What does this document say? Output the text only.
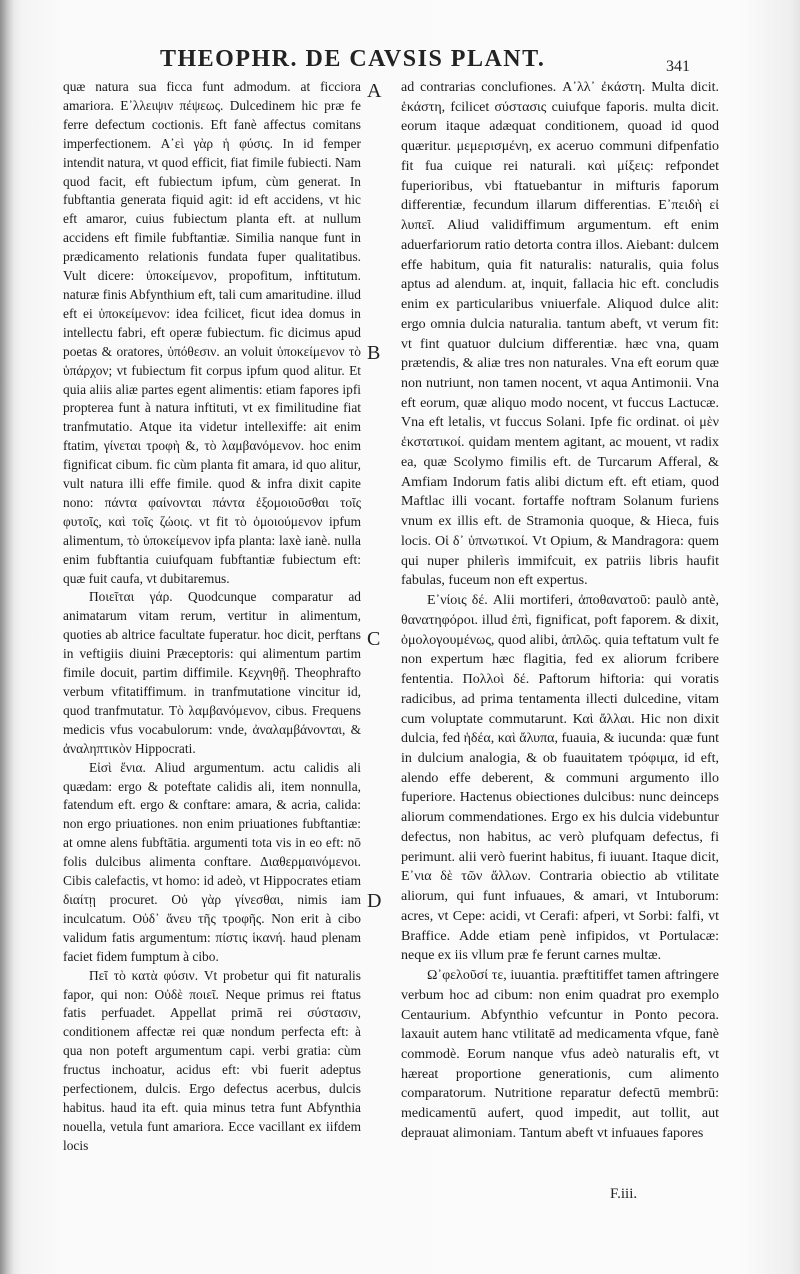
THEOPHR. DE CAVSIS PLANT.	341

quæ natura sua ficca funt admodum. at ficciora amariora. Ε᾿λλειψιν πέψεως. Dulcedinem hic præ fe ferre defectum coctionis. Eft fanè affectus comitans imperfectionem. Α᾿εὶ γὰρ ἡ φύσις. In id femper intendit natura, vt quod efficit, fiat fimile fubiecti. Nam quod facit, eft fubiectum ipfum, cùm generat. In fubftantia generata fiquid agit: id eft accidens, vt hic eft amaror, cuius fubiectum planta eft. at nullum accidens eft fimile fubftantiæ. Similia nanque funt in prædicamento relationis fundata fuper qualitatibus. Vult dicere: ὑποκείμενον, propofitum, inftitutum. naturæ finis Abfynthium eft, tali cum amaritudine. illud eft ei ὑποκείμενον: idea fcilicet, ficut idea domus in intellectu fabri, eft operæ fubiectum. fic dicimus apud poetas & oratores, ὑπόθεσιν. an voluit ὑποκείμενον τὸ ὑπάρχον; vt fubiectum fit corpus ipfum quod alitur. Et quia aliis aliæ partes egent alimentis: etiam fapores ipfi propterea funt à natura inftituti, vt ex fimilitudine fiat tranfmutatio. Atque ita videtur intellexiffe: ait enim ftatim, γίνεται τροφὴ &, τὸ λαμβανόμενον. hoc enim fignificat cibum. fic cùm planta fit amara, id quo alitur, vult natura illi effe fimile. quod & infra dixit capite nono: πάντα φαίνονται πάντα ἐξομοιοῦσθαι τοῖς φυτοῖς, καὶ τοῖς ζώοις. vt fit τὸ ὁμοιούμενον ipfum alimentum, τὸ ὑποκείμενον ipfa planta: laxè ianè. nulla enim fubftantia cuiufquam fubftantiæ fubiectum eft: quæ fuit caufa, vt dubitaremus.

Ποιεῖται γάρ. Quodcunque comparatur ad animatarum vitam rerum, vertitur in alimentum, quoties ab altrice facultate fuperatur. hoc dicit, perftans in veftigiis diuini Præceptoris: qui alimentum partim fimile docuit, partim diffimile. Κεχνηθῇ. Theophrafto verbum vfitatiffimum. in tranfmutatione vincitur id, quod tranfmutatur. Τὸ λαμβανόμενον, cibus. Frequens medicis vfus vocabulorum: vnde, ἀναλαμβάνονται, & ἀναληπτικὸν Hippocrati.

Εἰσὶ ἔνια. Aliud argumentum. actu calidis ali quædam: ergo & poteftate calidis ali, item nonnulla, fatendum eft. ergo & conftare: amara, & acria, calida: non ergo priuationes. non enim priuationes fubftantiæ: at omne alens fubftātia. argumenti tota vis in eo eft: nō folis dulcibus alimenta conftare. Διαθερμαινόμενοι. Cibis calefactis, vt homo: id adeò, vt Hippocrates etiam διαίτῃ procuret. Οὐ γὰρ γίνεσθαι, nimis iam inculcatum. Οὐδ᾿ ἄνευ τῆς τροφῆς. Non erit à cibo validum fatis argumentum: πίστις ἱκανή. haud plenam faciet fidem fumptum à cibo.

Πεῖ τὸ κατὰ φύσιν. Vt probetur qui fit naturalis fapor, qui non: Οὐδὲ ποιεῖ. Neque primus rei ftatus fatis perfuadet. Appellat primā rei σύστασιν, conditionem affectæ rei quæ nondum perfecta eft: à qua non poteft argumentum capi. verbi gratia: cùm fructus inchoatur, acidus eft: vbi fuerit adeptus perfectionem, dulcis. Ergo defectus acerbus, dulcis habitus. haud ita eft. quia minus tetra funt Abfynthia nouella, vetula funt amariora. Ecce vacillant ex iifdem locis

A
B
C
D

ad contrarias conclufiones. Α᾿λλ᾿ ἐκάστη. Multa dicit. ἑκάστη, fcilicet σύστασις cuiufque faporis. multa dicit. eorum itaque adæquat conditionem, quoad id quod quæritur. μεμερισμένη, ex aceruo communi difpenfatio fit fua cuique rei naturali. καὶ μίξεις: refpondet fuperioribus, vbi ftatuebantur in mifturis faporum differentiæ, fecundum illarum differentias. Ε᾿πειδὴ εἰ λυπεῖ. Aliud validiffimum argumentum. eft enim aduerfariorum ratio detorta contra illos. Aiebant: dulcem effe habitum, quia fit naturalis: naturalis, quia folus aptus ad alendum. at, inquit, fallacia hic eft. concludis enim ex particularibus vniuerfale. Aliquod dulce alit: ergo omnia dulcia naturalia. tantum abeft, vt verum fit: vt fint quatuor dulcium differentiæ. hæc vna, quam prætendis, & aliæ tres non naturales. Vna eft eorum quæ non nutriunt, non tamen nocent, vt aqua Antimonii. Vna eft eorum, quæ aliquo modo nocent, vt fuccus Lactucæ. Vna eft letalis, vt fuccus Solani. Ipfe fic ordinat. οἱ μὲν ἐκστατικοί. quidam mentem agitant, ac mouent, vt radix ea, quæ Scolymo fimilis eft. de Turcarum Afferal, & Amfiam Indorum fatis alibi dictum eft. eft etiam, quod Maftlac illi vocant. fortaffe noftram Solanum furiens vnum ex illis eft. de Stramonia quoque, & Hieca, fuis locis. Οἱ δ᾿ ὑπνωτικοί. Vt Opium, & Mandragora: quem qui nuper philerìs immifcuit, ex patriis libris haufit fabulas, fuceum non eft expertus.

Ε᾿νίοις δέ. Alii mortiferi, ἀποθανατοῦ: paulò antè, θανατηφόροι. illud ἐπὶ, fignificat, poft faporem. & dixit, ὁμολογουμένως, quod alibi, ἁπλῶς. quia teftatum vult fe non expertum hæc flagitia, fed ex aliorum fcribere fententia. Πολλοὶ δέ. Paftorum hiftoria: qui voratis radicibus, ad prima tentamenta illecti dulcedine, vitam cum voluptate commutarunt. Καὶ ἄλλαι. Hic non dixit dulcia, fed ἡδέα, καὶ ἄλυπα, fuauia, & iucunda: quæ funt in dulcium analogia, & ob fuauitatem τρόφιμα, id eft, alendo effe deberent, & communi argumento illo fuperiore. Hactenus obiectiones dulcibus: nunc deinceps aliorum commendationes. Ergo ex his dulcia videbuntur defectus, non habitus, ac verò plufquam defectus, fi perimunt. alii verò fuerint habitus, fi iuuant. Itaque dicit, Ε᾿νια δὲ τῶν ἄλλων. Contraria obiectio ab vtilitate aliorum, qui funt infuaues, & amari, vt Intuborum: acres, vt Cepe: acidi, vt Cerafi: afperi, vt Sorbi: falfi, vt Braffice. Adde etiam penè infipidos, vt Portulacæ: neque ex iis vllum præ fe ferunt carnes multæ.

Ω᾿φελοῦσί τε, iuuantia. præftitiffet tamen aftringere verbum hoc ad cibum: non enim quadrat pro exemplo Centaurium. Abfynthio vefcuntur in Ponto pecora. laxauit autem hanc vtilitatē ad medicamenta vfque, fanè commodè. Eorum nanque vfus adeò naturalis eft, vt hæreat proportione generationis, cum alimento comparatorum. Nutritione reparatur defectū membrū: medicamentū aufert, quod impedit, aut tollit, aut deprauat alimoniam. Tantum abeft vt infuaues fapores

F.iii.
